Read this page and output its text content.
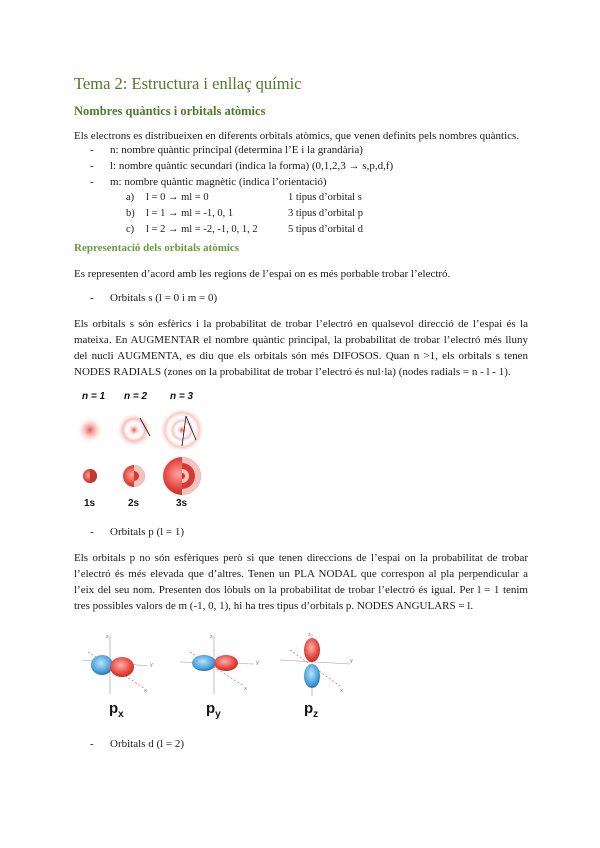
Tema 2: Estructura i enllaç químic
Nombres quàntics i orbitals atòmics
Els electrons es distribueixen en diferents orbitals atòmics, que venen definits pels nombres quàntics.
- n: nombre quàntic principal (determina l’E i la grandària)
- l: nombre quàntic secundari (indica la forma) (0,1,2,3 → s,p,d,f)
- m: nombre quàntic magnètic (indica l’orientació)
a) l = 0 → ml = 0	1 tipus d’orbital s
b) l = 1 → ml = -1, 0, 1	3 tipus d’orbital p
c) l = 2 → ml = -2, -1, 0, 1, 2	5 tipus d’orbital d
Representació dels orbitals atòmics
Es representen d’acord amb les regions de l’espai on es més porbable trobar l’electró.
- Orbitals s (l = 0 i m = 0)
Els orbitals s són esfèrics i la probabilitat de trobar l’electró en qualsevol direcció de l’espai és la
mateixa. En AUGMENTAR el nombre quàntic principal, la probabilitat de trobar l’electró més lluny
del nucli AUGMENTA, es diu que els orbitals són més DIFOSOS. Quan n >1, els orbitals s tenen
NODES RADIALS (zones on la probabilitat de trobar l’electró és nul·la) (nodes radials = n - l - 1).
n = 1 n = 2 n = 3
1s	2s	3s
- Orbitals p (l = 1)
Els orbitals p no són esfèriques però si que tenen direccions de l’espai on la probabilitat de trobar
l’electró és més elevada que d’altres. Tenen un PLA NODAL que correspon al pla perpendicular a
l’eix del seu nom. Presenten dos lòbuls on la probabilitat de trobar l’electró és igual. Per l = 1 tenim
tres possibles valors de m (-1, 0, 1), hi ha tres tipus d’orbitals p. NODES ANGULARS = l.
z
y
x
z
y
x
z
y
x
$p_x$	$p_y$	$p_z$
- Orbitals d (l = 2)
